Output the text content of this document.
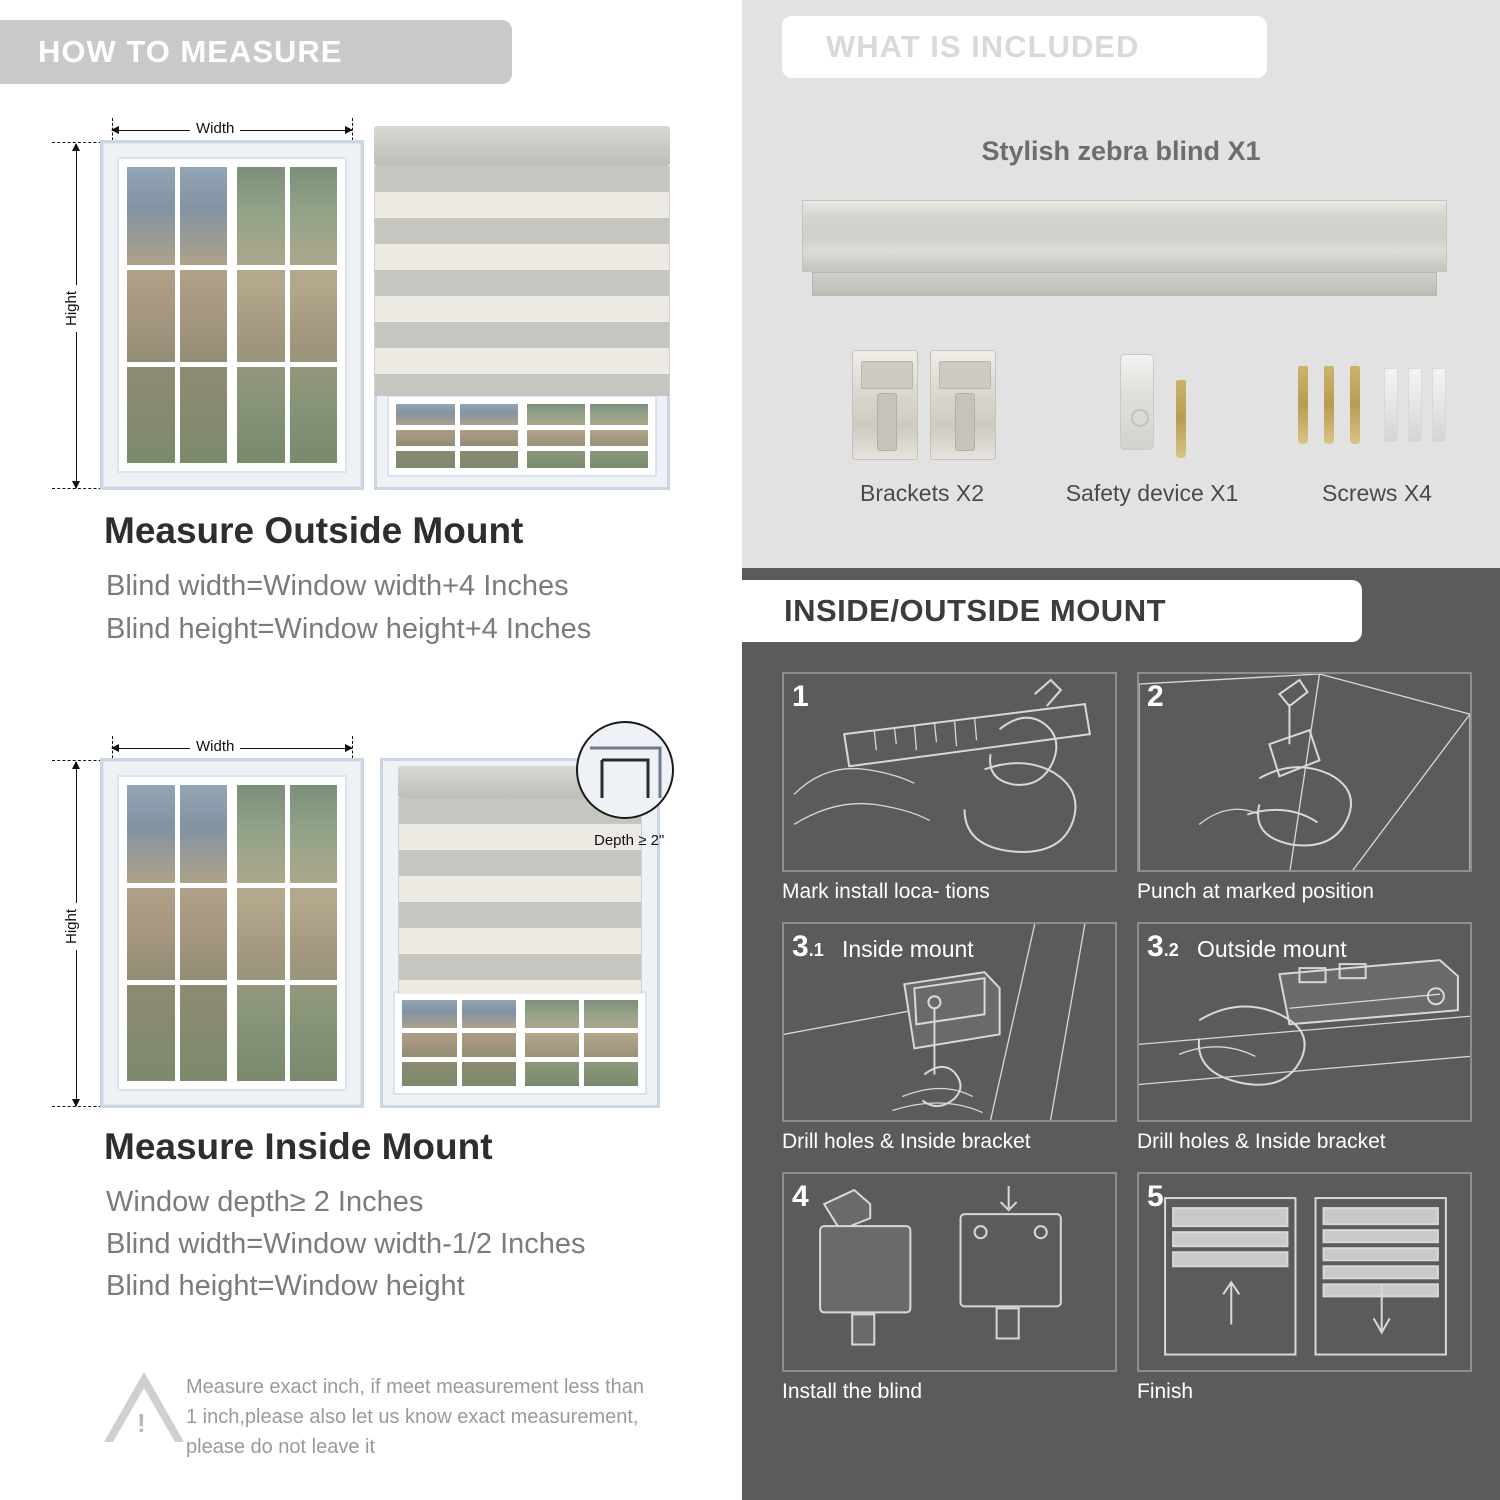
HOW TO MEASURE
Width
Hight
Measure Outside Mount
Blind width=Window width+4 Inches
Blind height=Window height+4 Inches
Width
Hight
Depth ≥ 2"
Measure Inside Mount
Window depth≥ 2 Inches
Blind width=Window width-1/2 Inches
Blind height=Window height
!
Measure exact inch, if meet measurement less than 1 inch,please also let us know exact measurement, please do not leave it
WHAT IS INCLUDED
Stylish zebra blind X1
Brackets X2	Safety device X1	Screws X4
INSIDE/OUTSIDE MOUNT
1
Mark install loca- tions
2
Punch at marked position
3.1 Inside mount
Drill holes & Inside bracket
3.2 Outside mount
Drill holes & Inside bracket
4
Install the blind
5
Finish
